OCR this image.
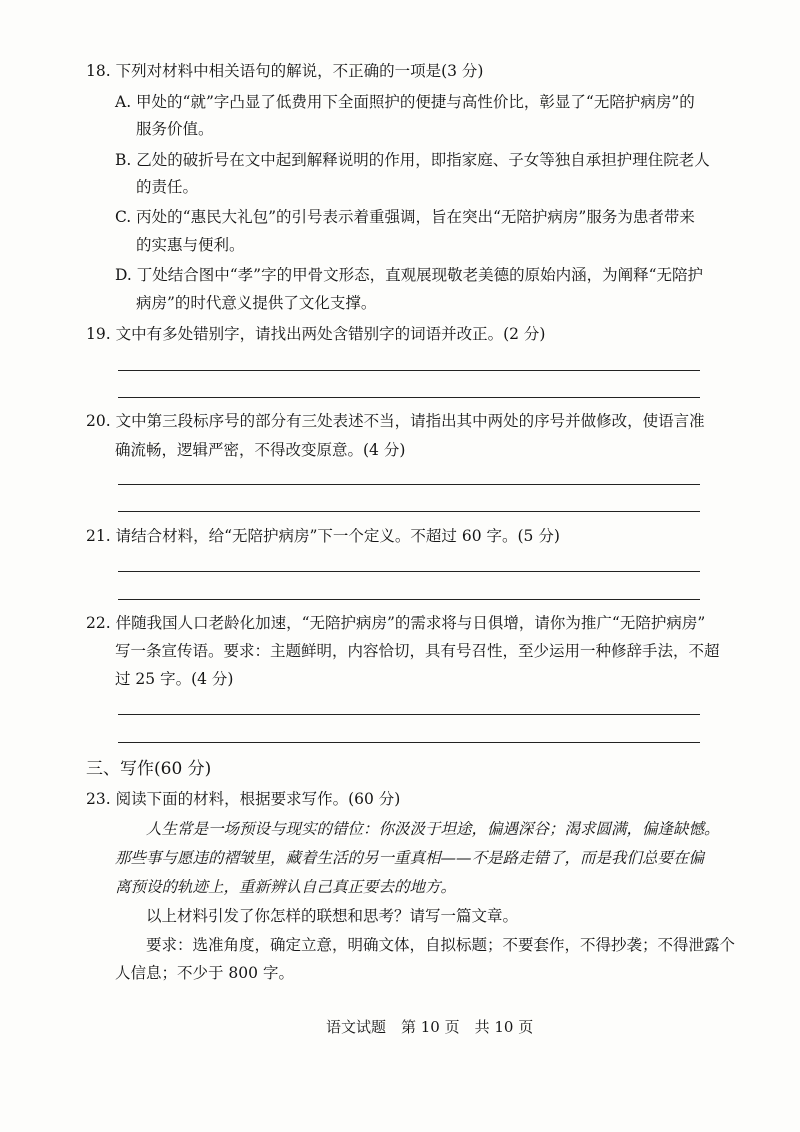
18. 下列对材料中相关语句的解说，不正确的一项是(3 分)
A. 甲处的“就”字凸显了低费用下全面照护的便捷与高性价比，彰显了“无陪护病房”的
服务价值。
B. 乙处的破折号在文中起到解释说明的作用，即指家庭、子女等独自承担护理住院老人
的责任。
C. 丙处的“惠民大礼包”的引号表示着重强调，旨在突出“无陪护病房”服务为患者带来
的实惠与便利。
D. 丁处结合图中“孝”字的甲骨文形态，直观展现敬老美德的原始内涵，为阐释“无陪护
病房”的时代意义提供了文化支撑。
19. 文中有多处错别字，请找出两处含错别字的词语并改正。(2 分)
20. 文中第三段标序号的部分有三处表述不当，请指出其中两处的序号并做修改，使语言准
确流畅，逻辑严密，不得改变原意。(4 分)
21. 请结合材料，给“无陪护病房”下一个定义。不超过 60 字。(5 分)
22. 伴随我国人口老龄化加速，“无陪护病房”的需求将与日俱增，请你为推广“无陪护病房”
写一条宣传语。要求：主题鲜明，内容恰切，具有号召性，至少运用一种修辞手法，不超
过 25 字。(4 分)
三、写作(60 分)
23. 阅读下面的材料，根据要求写作。(60 分)
人生常是一场预设与现实的错位：你汲汲于坦途，偏遇深谷；渴求圆满，偏逢缺憾。
那些事与愿违的褶皱里，藏着生活的另一重真相——不是路走错了，而是我们总要在偏
离预设的轨迹上，重新辨认自己真正要去的地方。
以上材料引发了你怎样的联想和思考？请写一篇文章。
要求：选准角度，确定立意，明确文体，自拟标题；不要套作，不得抄袭；不得泄露个
人信息；不少于 800 字。
语文试题　第 10 页　共 10 页
